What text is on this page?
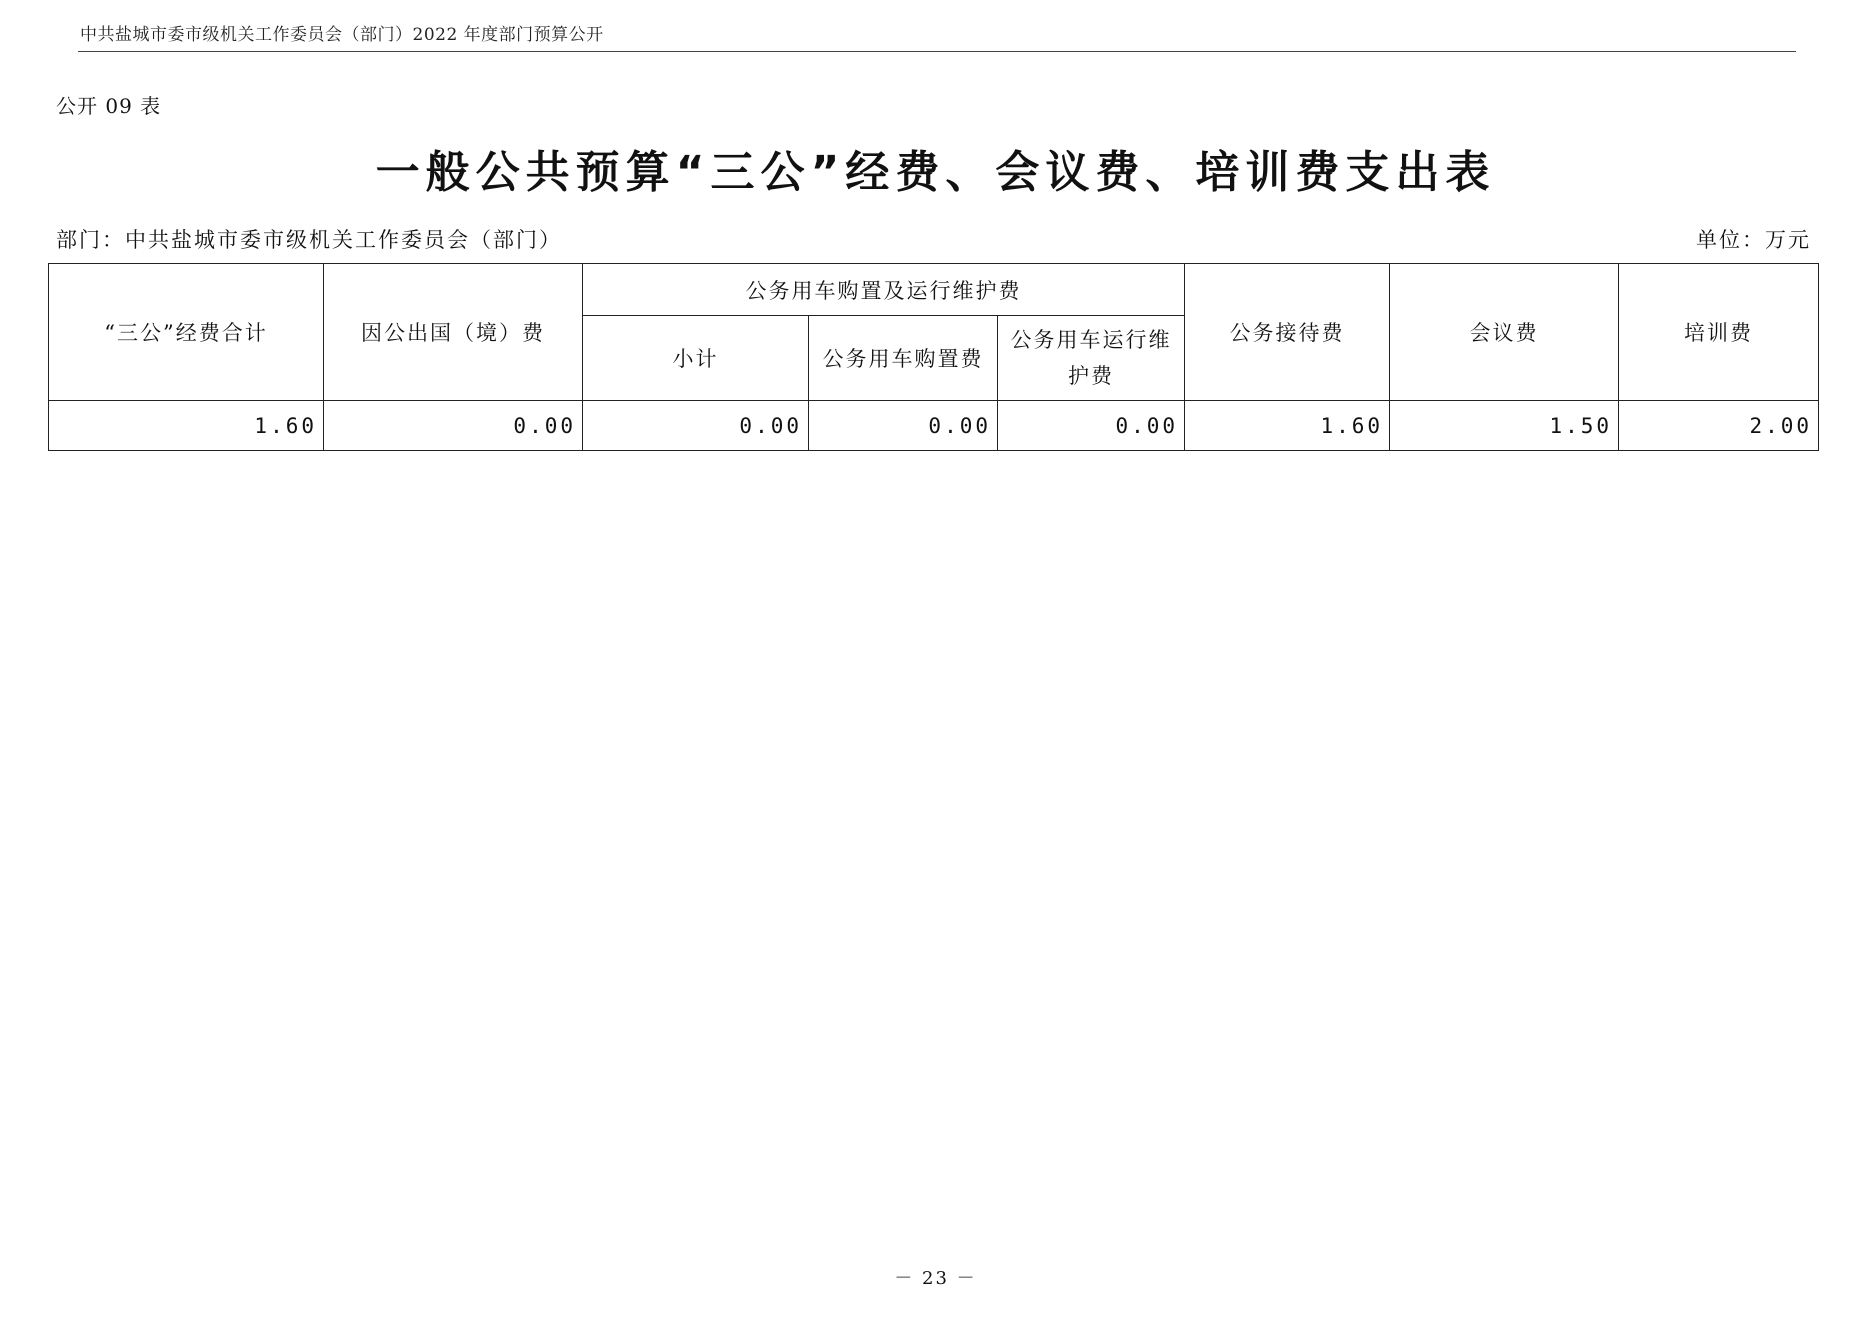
中共盐城市委市级机关工作委员会（部门）2022 年度部门预算公开
公开 09 表
一般公共预算“三公”经费、会议费、培训费支出表
部门：中共盐城市委市级机关工作委员会（部门）	单位：万元
“三公”经费合计	因公出国（境）费	公务用车购置及运行维护费			公务接待费	会议费	培训费
		小计	公务用车购置费	公务用车运行维护费			
1.60	0.00	0.00	0.00	0.00	1.60	1.50	2.00
－ 23 －
